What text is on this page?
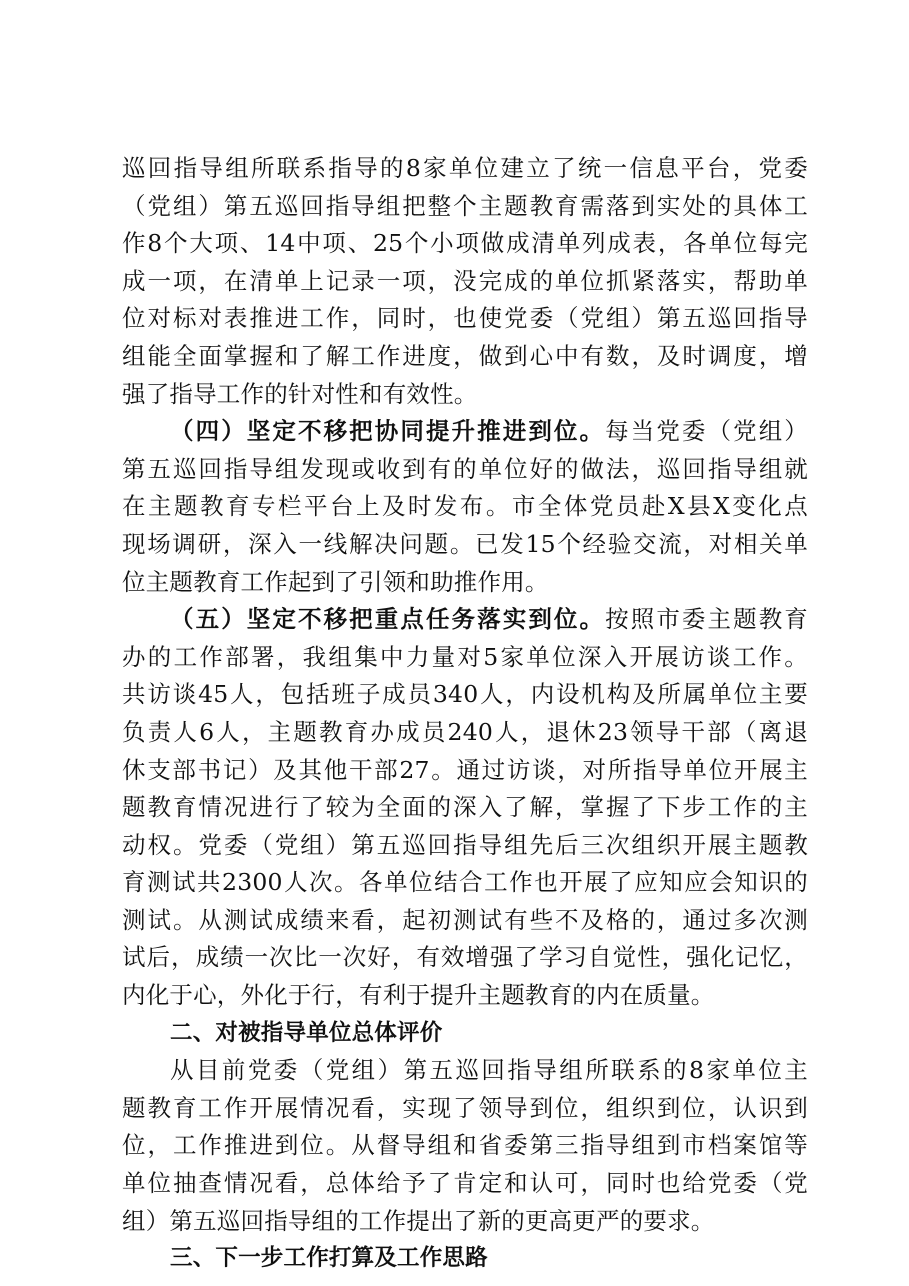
巡回指导组所联系指导的8家单位建立了统一信息平台，党委
（党组）第五巡回指导组把整个主题教育需落到实处的具体工
作8个大项、14中项、25个小项做成清单列成表，各单位每完
成一项，在清单上记录一项，没完成的单位抓紧落实，帮助单
位对标对表推进工作，同时，也使党委（党组）第五巡回指导
组能全面掌握和了解工作进度，做到心中有数，及时调度，增
强了指导工作的针对性和有效性。
（四）坚定不移把协同提升推进到位。每当党委（党组）
第五巡回指导组发现或收到有的单位好的做法，巡回指导组就
在主题教育专栏平台上及时发布。市全体党员赴X县X变化点
现场调研，深入一线解决问题。已发15个经验交流，对相关单
位主题教育工作起到了引领和助推作用。
（五）坚定不移把重点任务落实到位。按照市委主题教育
办的工作部署，我组集中力量对5家单位深入开展访谈工作。
共访谈45人，包括班子成员340人，内设机构及所属单位主要
负责人6人，主题教育办成员240人，退休23领导干部（离退
休支部书记）及其他干部27。通过访谈，对所指导单位开展主
题教育情况进行了较为全面的深入了解，掌握了下步工作的主
动权。党委（党组）第五巡回指导组先后三次组织开展主题教
育测试共2300人次。各单位结合工作也开展了应知应会知识的
测试。从测试成绩来看，起初测试有些不及格的，通过多次测
试后，成绩一次比一次好，有效增强了学习自觉性，强化记忆，
内化于心，外化于行，有利于提升主题教育的内在质量。
二、对被指导单位总体评价
从目前党委（党组）第五巡回指导组所联系的8家单位主
题教育工作开展情况看，实现了领导到位，组织到位，认识到
位，工作推进到位。从督导组和省委第三指导组到市档案馆等
单位抽查情况看，总体给予了肯定和认可，同时也给党委（党
组）第五巡回指导组的工作提出了新的更高更严的要求。
三、下一步工作打算及工作思路
